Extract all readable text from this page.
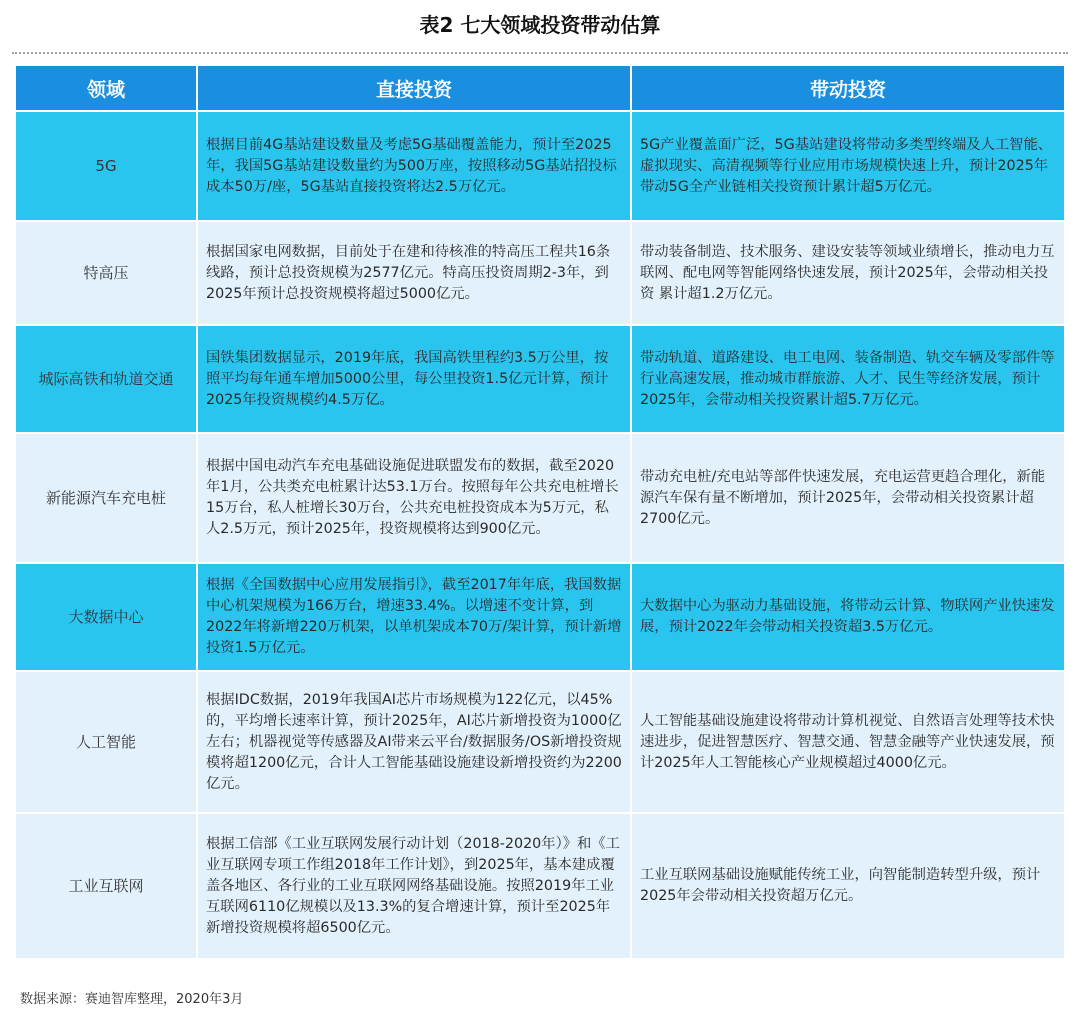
表2 七大领域投资带动估算
领域	直接投资	带动投资
5G	根据目前4G基站建设数量及考虑5G基础覆盖能力，预计至2025年，我国5G基站建设数量约为500万座，按照移动5G基站招投标成本50万/座，5G基站直接投资将达2.5万亿元。	5G产业覆盖面广泛，5G基站建设将带动多类型终端及人工智能、虚拟现实、高清视频等行业应用市场规模快速上升，预计2025年带动5G全产业链相关投资预计累计超5万亿元。
特高压	根据国家电网数据，目前处于在建和待核准的特高压工程共16条线路，预计总投资规模为2577亿元。特高压投资周期2-3年，到2025年预计总投资规模将超过5000亿元。	带动装备制造、技术服务、建设安装等领域业绩增长，推动电力互联网、配电网等智能网络快速发展，预计2025年，会带动相关投资 累计超1.2万亿元。
城际高铁和轨道交通	国铁集团数据显示，2019年底，我国高铁里程约3.5万公里，按照平均每年通车增加5000公里，每公里投资1.5亿元计算，预计2025年投资规模约4.5万亿。	带动轨道、道路建设、电工电网、装备制造、轨交车辆及零部件等行业高速发展，推动城市群旅游、人才、民生等经济发展，预计2025年，会带动相关投资累计超5.7万亿元。
新能源汽车充电桩	根据中国电动汽车充电基础设施促进联盟发布的数据，截至2020年1月，公共类充电桩累计达53.1万台。按照每年公共充电桩增长15万台，私人桩增长30万台，公共充电桩投资成本为5万元，私人2.5万元，预计2025年，投资规模将达到900亿元。	带动充电桩/充电站等部件快速发展，充电运营更趋合理化，新能源汽车保有量不断增加，预计2025年，会带动相关投资累计超2700亿元。
大数据中心	根据《全国数据中心应用发展指引》，截至2017年年底，我国数据中心机架规模为166万台，增速33.4%。以增速不变计算，到2022年将新增220万机架，以单机架成本70万/架计算，预计新增投资1.5万亿元。	大数据中心为驱动力基础设施，将带动云计算、物联网产业快速发展，预计2022年会带动相关投资超3.5万亿元。
人工智能	根据IDC数据，2019年我国AI芯片市场规模为122亿元，以45%的，平均增长速率计算，预计2025年，AI芯片新增投资为1000亿左右；机器视觉等传感器及AI带来云平台/数据服务/OS新增投资规模将超1200亿元，合计人工智能基础设施建设新增投资约为2200亿元。	人工智能基础设施建设将带动计算机视觉、自然语言处理等技术快速进步，促进智慧医疗、智慧交通、智慧金融等产业快速发展，预计2025年人工智能核心产业规模超过4000亿元。
工业互联网	根据工信部《工业互联网发展行动计划（2018-2020年）》和《工业互联网专项工作组2018年工作计划》，到2025年，基本建成覆盖各地区、各行业的工业互联网网络基础设施。按照2019年工业互联网6110亿规模以及13.3%的复合增速计算，预计至2025年新增投资规模将超6500亿元。	工业互联网基础设施赋能传统工业，向智能制造转型升级，预计2025年会带动相关投资超万亿元。
数据来源：赛迪智库整理，2020年3月
工信头条
